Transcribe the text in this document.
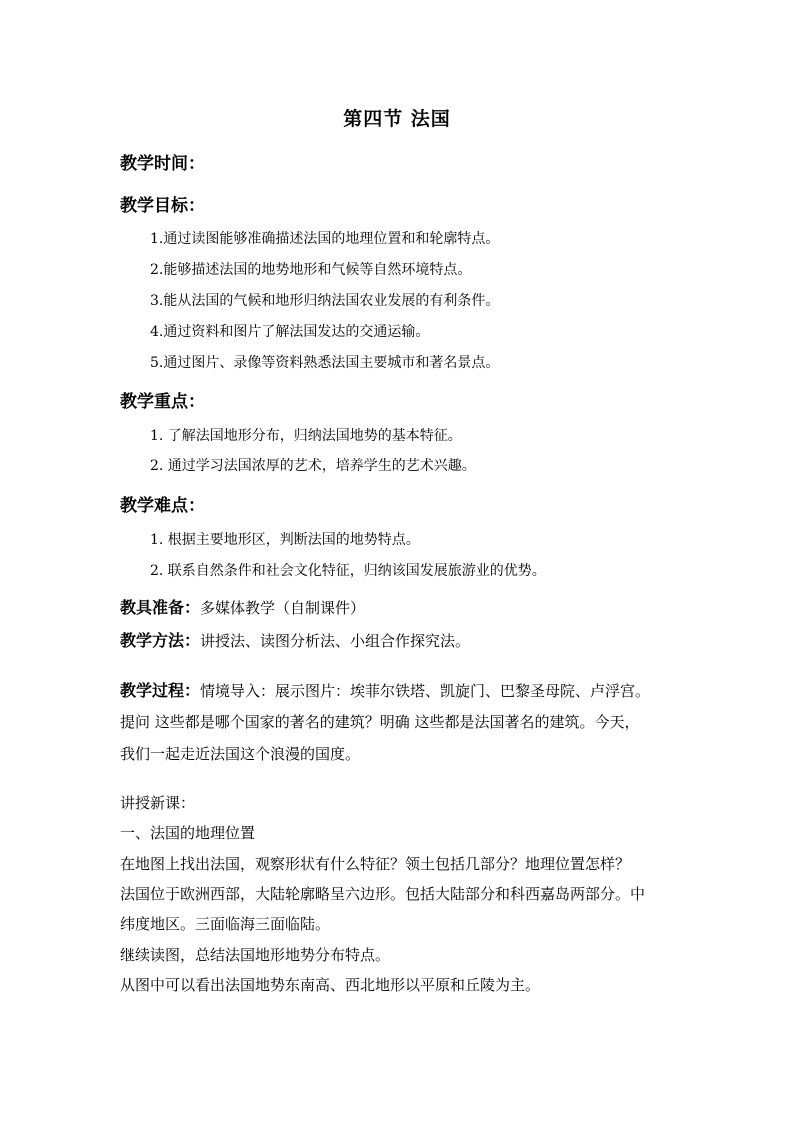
第四节 法国
教学时间：
教学目标：
1.通过读图能够准确描述法国的地理位置和和轮廓特点。
2.能够描述法国的地势地形和气候等自然环境特点。
3.能从法国的气候和地形归纳法国农业发展的有利条件。
4.通过资料和图片了解法国发达的交通运输。
5.通过图片、录像等资料熟悉法国主要城市和著名景点。
教学重点：
1. 了解法国地形分布，归纳法国地势的基本特征。
2. 通过学习法国浓厚的艺术，培养学生的艺术兴趣。
教学难点：
1. 根据主要地形区，判断法国的地势特点。
2. 联系自然条件和社会文化特征，归纳该国发展旅游业的优势。
教具准备：多媒体教学（自制课件）
教学方法：讲授法、读图分析法、小组合作探究法。
教学过程：情境导入：展示图片：埃菲尔铁塔、凯旋门、巴黎圣母院、卢浮宫。
提问 这些都是哪个国家的著名的建筑？明确 这些都是法国著名的建筑。今天，
我们一起走近法国这个浪漫的国度。
讲授新课：
一、法国的地理位置
在地图上找出法国，观察形状有什么特征？领土包括几部分？地理位置怎样？
法国位于欧洲西部，大陆轮廓略呈六边形。包括大陆部分和科西嘉岛两部分。中
纬度地区。三面临海三面临陆。
继续读图，总结法国地形地势分布特点。
从图中可以看出法国地势东南高、西北地形以平原和丘陵为主。
